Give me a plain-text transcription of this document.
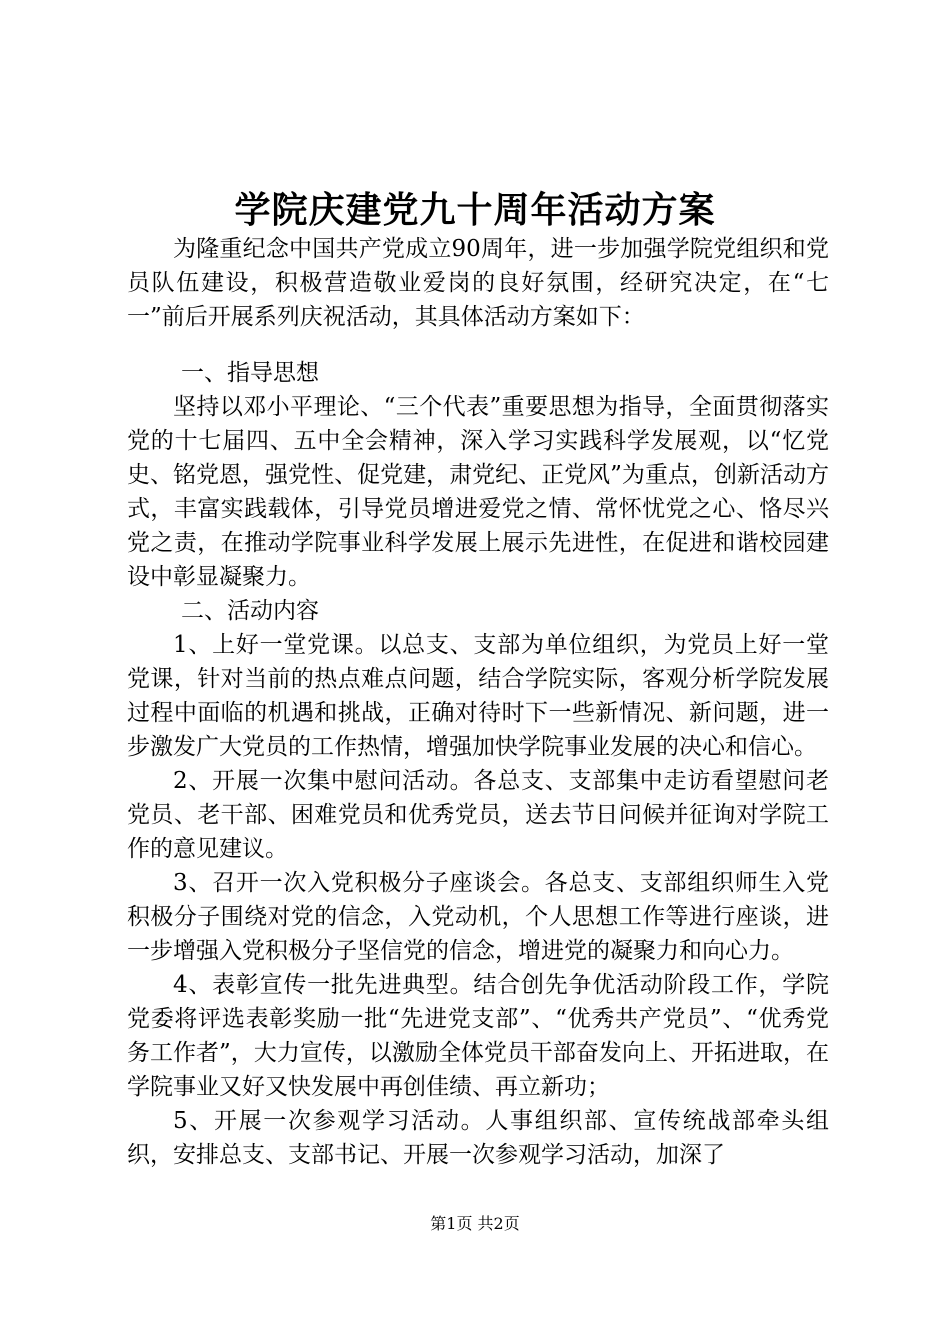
学院庆建党九十周年活动方案

为隆重纪念中国共产党成立90周年，进一步加强学院党组织和党员队伍建设，积极营造敬业爱岗的良好氛围，经研究决定，在“七一”前后开展系列庆祝活动，其具体活动方案如下：

一、指导思想

坚持以邓小平理论、“三个代表”重要思想为指导，全面贯彻落实党的十七届四、五中全会精神，深入学习实践科学发展观，以“忆党史、铭党恩，强党性、促党建，肃党纪、正党风”为重点，创新活动方式，丰富实践载体，引导党员增进爱党之情、常怀忧党之心、恪尽兴党之责，在推动学院事业科学发展上展示先进性，在促进和谐校园建设中彰显凝聚力。

二、活动内容

1、上好一堂党课。以总支、支部为单位组织，为党员上好一堂党课，针对当前的热点难点问题，结合学院实际，客观分析学院发展过程中面临的机遇和挑战，正确对待时下一些新情况、新问题，进一步激发广大党员的工作热情，增强加快学院事业发展的决心和信心。

2、开展一次集中慰问活动。各总支、支部集中走访看望慰问老党员、老干部、困难党员和优秀党员，送去节日问候并征询对学院工作的意见建议。

3、召开一次入党积极分子座谈会。各总支、支部组织师生入党积极分子围绕对党的信念，入党动机，个人思想工作等进行座谈，进一步增强入党积极分子坚信党的信念，增进党的凝聚力和向心力。

4、表彰宣传一批先进典型。结合创先争优活动阶段工作，学院党委将评选表彰奖励一批“先进党支部”、“优秀共产党员”、“优秀党务工作者”，大力宣传，以激励全体党员干部奋发向上、开拓进取，在学院事业又好又快发展中再创佳绩、再立新功；

5、开展一次参观学习活动。人事组织部、宣传统战部牵头组织，安排总支、支部书记、开展一次参观学习活动，加深了

第1页 共2页
